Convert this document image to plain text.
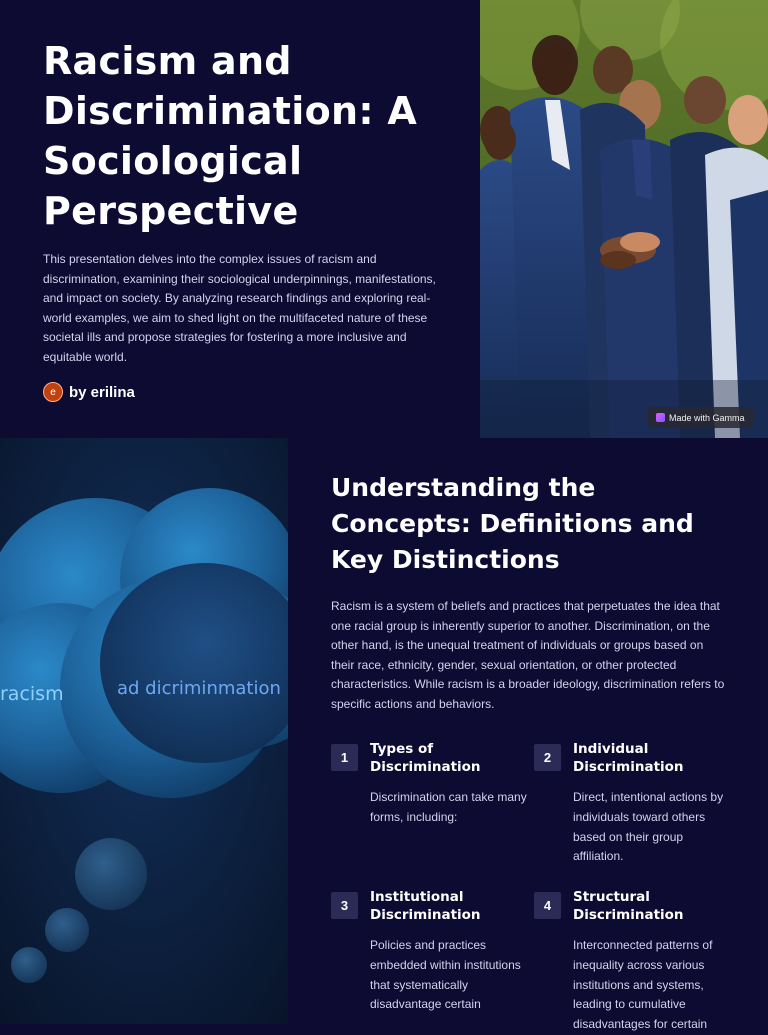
Racism and Discrimination: A Sociological Perspective

This presentation delves into the complex issues of racism and discrimination, examining their sociological underpinnings, manifestations, and impact on society. By analyzing research findings and exploring real-world examples, we aim to shed light on the multifaceted nature of these societal ills and propose strategies for fostering a more inclusive and equitable world.

e by erilina
Made with Gamma
racism	ad dicriminmation
Understanding the Concepts: Definitions and Key Distinctions

Racism is a system of beliefs and practices that perpetuates the idea that one racial group is inherently superior to another. Discrimination, on the other hand, is the unequal treatment of individuals or groups based on their race, ethnicity, gender, sexual orientation, or other protected characteristics. While racism is a broader ideology, discrimination refers to specific actions and behaviors.

1
Types of Discrimination

Discrimination can take many forms, including:

2
Individual Discrimination

Direct, intentional actions by individuals toward others based on their group affiliation.

3
Institutional Discrimination

Policies and practices embedded within institutions that systematically disadvantage certain

4
Structural Discrimination

Interconnected patterns of inequality across various institutions and systems, leading to cumulative disadvantages for certain
